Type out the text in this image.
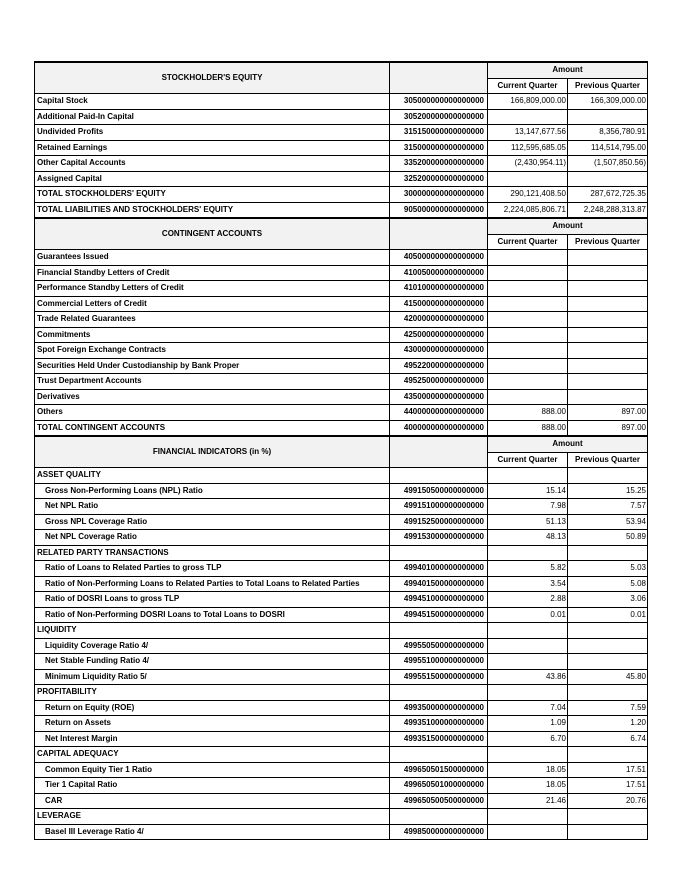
STOCKHOLDER'S EQUITY		Amount	
		Current Quarter	Previous Quarter
Capital Stock	305000000000000000	166,809,000.00	166,309,000.00
Additional Paid-In Capital	305200000000000000		
Undivided Profits	315150000000000000	13,147,677.56	8,356,780.91
Retained Earnings	315000000000000000	112,595,685.05	114,514,795.00
Other Capital Accounts	335200000000000000	(2,430,954.11)	(1,507,850.56)
Assigned Capital	325200000000000000		
TOTAL STOCKHOLDERS' EQUITY	300000000000000000	290,121,408.50	287,672,725.35
TOTAL LIABILITIES AND STOCKHOLDERS' EQUITY	905000000000000000	2,224,085,806.71	2,248,288,313.87
CONTINGENT ACCOUNTS		Amount	
		Current Quarter	Previous Quarter
Guarantees Issued	405000000000000000		
Financial Standby Letters of Credit	410050000000000000		
Performance Standby Letters of Credit	410100000000000000		
Commercial Letters of Credit	415000000000000000		
Trade Related Guarantees	420000000000000000		
Commitments	425000000000000000		
Spot Foreign Exchange Contracts	430000000000000000		
Securities Held Under Custodianship by Bank Proper	495220000000000000		
Trust Department Accounts	495250000000000000		
Derivatives	435000000000000000		
Others	440000000000000000	888.00	897.00
TOTAL CONTINGENT ACCOUNTS	400000000000000000	888.00	897.00
FINANCIAL INDICATORS (in %)		Amount	
		Current Quarter	Previous Quarter
ASSET QUALITY			
Gross Non-Performing Loans (NPL) Ratio	499150500000000000	15.14	15.25
Net NPL Ratio	499151000000000000	7.98	7.57
Gross NPL Coverage Ratio	499152500000000000	51.13	53.94
Net NPL Coverage Ratio	499153000000000000	48.13	50.89
RELATED PARTY TRANSACTIONS			
Ratio of Loans to Related Parties to gross TLP	499401000000000000	5.82	5.03
Ratio of Non-Performing Loans to Related Parties to Total Loans to Related Parties	499401500000000000	3.54	5.08
Ratio of DOSRI Loans to gross TLP	499451000000000000	2.88	3.06
Ratio of Non-Performing DOSRI Loans to Total Loans to DOSRI	499451500000000000	0.01	0.01
LIQUIDITY			
Liquidity Coverage Ratio 4/	499550500000000000		
Net Stable Funding Ratio 4/	499551000000000000		
Minimum Liquidity Ratio 5/	499551500000000000	43.86	45.80
PROFITABILITY			
Return on Equity (ROE)	499350000000000000	7.04	7.59
Return on Assets	499351000000000000	1.09	1.20
Net Interest Margin	499351500000000000	6.70	6.74
CAPITAL ADEQUACY			
Common Equity Tier 1 Ratio	499650501500000000	18.05	17.51
Tier 1 Capital Ratio	499650501000000000	18.05	17.51
CAR	499650500500000000	21.46	20.76
LEVERAGE			
Basel III Leverage Ratio 4/	499850000000000000		
